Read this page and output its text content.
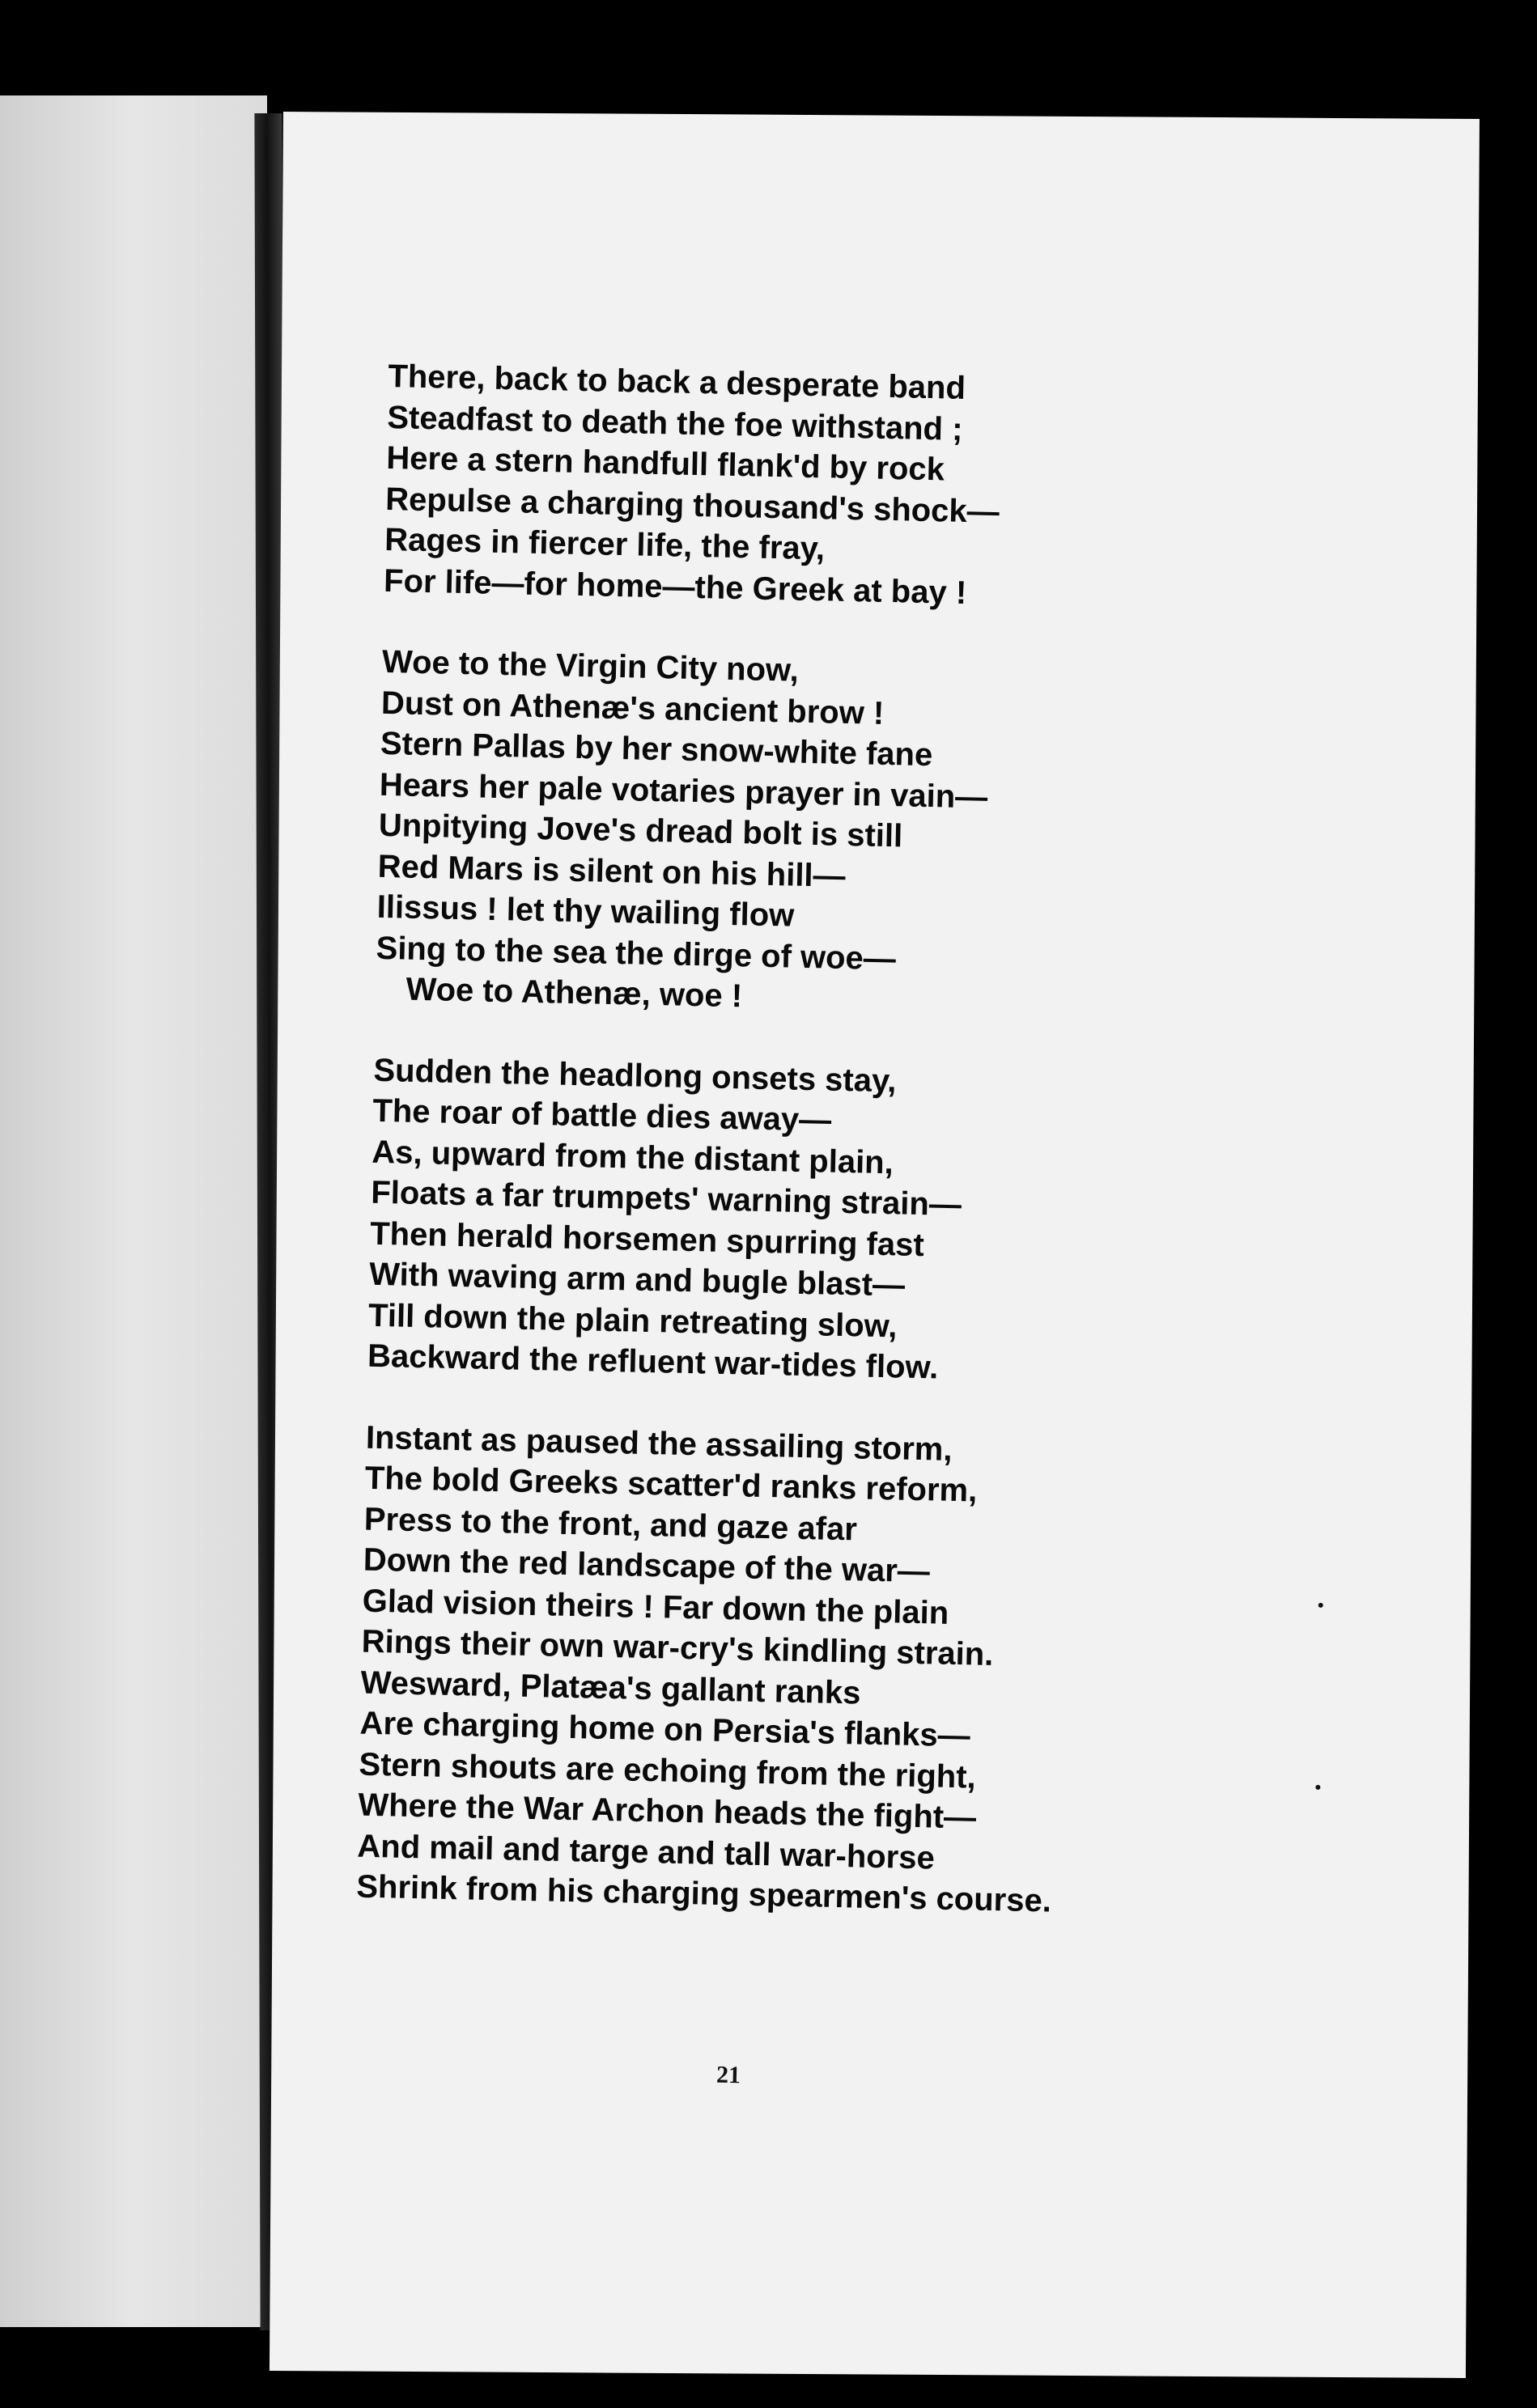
There, back to back a desperate band
Steadfast to death the foe withstand ;
Here a stern handfull flank'd by rock
Repulse a charging thousand's shock—
Rages in fiercer life, the fray,
For life—for home—the Greek at bay !
Woe to the Virgin City now,
Dust on Athenæ's ancient brow !
Stern Pallas by her snow-white fane
Hears her pale votaries prayer in vain—
Unpitying Jove's dread bolt is still
Red Mars is silent on his hill—
Ilissus ! let thy wailing flow
Sing to the sea the dirge of woe—
Woe to Athenæ, woe !
Sudden the headlong onsets stay,
The roar of battle dies away—
As, upward from the distant plain,
Floats a far trumpets' warning strain—
Then herald horsemen spurring fast
With waving arm and bugle blast—
Till down the plain retreating slow,
Backward the refluent war-tides flow.
Instant as paused the assailing storm,
The bold Greeks scatter'd ranks reform,
Press to the front, and gaze afar
Down the red landscape of the war—
Glad vision theirs ! Far down the plain
Rings their own war-cry's kindling strain.
Wesward, Platæa's gallant ranks
Are charging home on Persia's flanks—
Stern shouts are echoing from the right,
Where the War Archon heads the fight—
And mail and targe and tall war-horse
Shrink from his charging spearmen's course.
21
